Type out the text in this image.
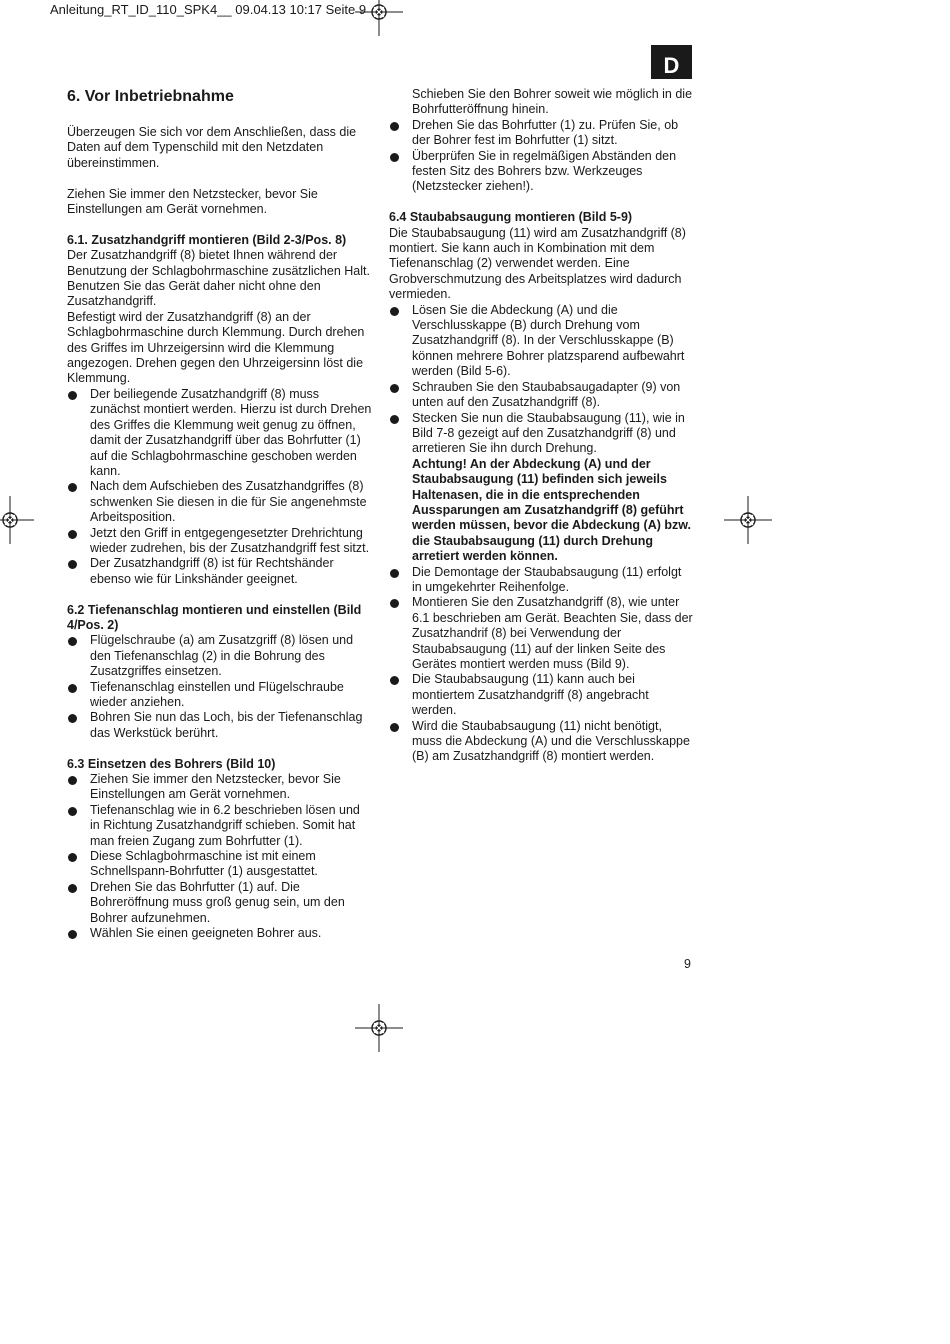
Anleitung_RT_ID_110_SPK4__ 09.04.13 10:17 Seite 9
D
6. Vor Inbetriebnahme

Überzeugen Sie sich vor dem Anschließen, dass die Daten auf dem Typenschild mit den Netzdaten übereinstimmen.

Ziehen Sie immer den Netzstecker, bevor Sie Einstellungen am Gerät vornehmen.

6.1. Zusatzhandgriff montieren (Bild 2-3/Pos. 8)

Der Zusatzhandgriff (8) bietet Ihnen während der Benutzung der Schlagbohrmaschine zusätzlichen Halt. Benutzen Sie das Gerät daher nicht ohne den Zusatzhandgriff.

Befestigt wird der Zusatzhandgriff (8) an der Schlagbohrmaschine durch Klemmung. Durch drehen des Griffes im Uhrzeigersinn wird die Klemmung angezogen. Drehen gegen den Uhrzeigersinn löst die Klemmung.

Der beiliegende Zusatzhandgriff (8) muss zunächst montiert werden. Hierzu ist durch Drehen des Griffes die Klemmung weit genug zu öffnen, damit der Zusatzhandgriff über das Bohrfutter (1) auf die Schlagbohrmaschine geschoben werden kann.
Nach dem Aufschieben des Zusatzhandgriffes (8) schwenken Sie diesen in die für Sie angenehmste Arbeitsposition.
Jetzt den Griff in entgegengesetzter Drehrichtung wieder zudrehen, bis der Zusatzhandgriff fest sitzt.
Der Zusatzhandgriff (8) ist für Rechtshänder ebenso wie für Linkshänder geeignet.
6.2 Tiefenanschlag montieren und einstellen (Bild 4/Pos. 2)
Flügelschraube (a) am Zusatzgriff (8) lösen und den Tiefenanschlag (2) in die Bohrung des Zusatzgriffes einsetzen.
Tiefenanschlag einstellen und Flügelschraube wieder anziehen.
Bohren Sie nun das Loch, bis der Tiefenanschlag das Werkstück berührt.
6.3 Einsetzen des Bohrers (Bild 10)
Ziehen Sie immer den Netzstecker, bevor Sie Einstellungen am Gerät vornehmen.
Tiefenanschlag wie in 6.2 beschrieben lösen und in Richtung Zusatzhandgriff schieben. Somit hat man freien Zugang zum Bohrfutter (1).
Diese Schlagbohrmaschine ist mit einem Schnellspann-Bohrfutter (1) ausgestattet.
Drehen Sie das Bohrfutter (1) auf. Die Bohreröffnung muss groß genug sein, um den Bohrer aufzunehmen.
Wählen Sie einen geeigneten Bohrer aus.

Schieben Sie den Bohrer soweit wie möglich in die Bohrfutteröffnung hinein.

Drehen Sie das Bohrfutter (1) zu. Prüfen Sie, ob der Bohrer fest im Bohrfutter (1) sitzt.
Überprüfen Sie in regelmäßigen Abständen den festen Sitz des Bohrers bzw. Werkzeuges (Netzstecker ziehen!).
6.4 Staubabsaugung montieren (Bild 5-9)

Die Staubabsaugung (11) wird am Zusatzhandgriff (8) montiert. Sie kann auch in Kombination mit dem Tiefenanschlag (2) verwendet werden. Eine Grobverschmutzung des Arbeitsplatzes wird dadurch vermieden.

Lösen Sie die Abdeckung (A) und die Verschlusskappe (B) durch Drehung vom Zusatzhandgriff (8). In der Verschlusskappe (B) können mehrere Bohrer platzsparend aufbewahrt werden (Bild 5-6).
Schrauben Sie den Staubabsaugadapter (9) von unten auf den Zusatzhandgriff (8).
Stecken Sie nun die Staubabsaugung (11), wie in Bild 7-8 gezeigt auf den Zusatzhandgriff (8) und arretieren Sie ihn durch Drehung.

Achtung! An der Abdeckung (A) und der Staubabsaugung (11) befinden sich jeweils Haltenasen, die in die entsprechenden Aussparungen am Zusatzhandgriff (8) geführt werden müssen, bevor die Abdeckung (A) bzw. die Staubabsaugung (11) durch Drehung arretiert werden können.

Die Demontage der Staubabsaugung (11) erfolgt in umgekehrter Reihenfolge.
Montieren Sie den Zusatzhandgriff (8), wie unter 6.1 beschrieben am Gerät. Beachten Sie, dass der Zusatzhandrif (8) bei Verwendung der Staubabsaugung (11) auf der linken Seite des Gerätes montiert werden muss (Bild 9).
Die Staubabsaugung (11) kann auch bei montiertem Zusatzhandgriff (8) angebracht werden.
Wird die Staubabsaugung (11) nicht benötigt, muss die Abdeckung (A) und die Verschlusskappe (B) am Zusatzhandgriff (8) montiert werden.
9
